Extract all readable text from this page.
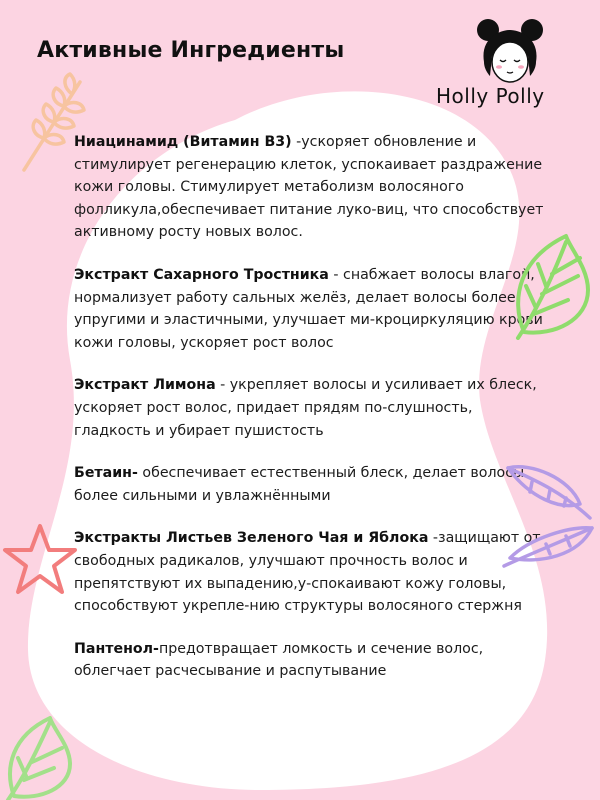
Активные Ингредиенты
Holly Polly

Ниацинамид (Витамин В3) -ускоряет обновление и стимулирует регенерацию клеток, успокаивает раздражение кожи головы. Стимулирует метаболизм волосяного фолликула,обеспечивает питание луко-виц, что способствует активному росту новых волос.

Экстракт Сахарного Тростника - снабжает волосы влагой, нормализует работу сальных желёз, делает волосы более упругими и эластичными, улучшает ми-кроциркуляцию крови кожи головы, ускоряет рост волос

Экстракт Лимона - укрепляет волосы и усиливает их блеск, ускоряет рост волос, придает прядям по-слушность, гладкость и убирает пушистость

Бетаин- обеспечивает естественный блеск, делает волосы более сильными и увлажнёнными

Экстракты Листьев Зеленого Чая и Яблока -защищают от свободных радикалов, улучшают прочность волос и препятствуют их выпадению,у-спокаивают кожу головы, способствуют укрепле-нию структуры волосяного стержня

Пантенол-предотвращает ломкость и сечение волос, облегчает расчесывание и распутывание
